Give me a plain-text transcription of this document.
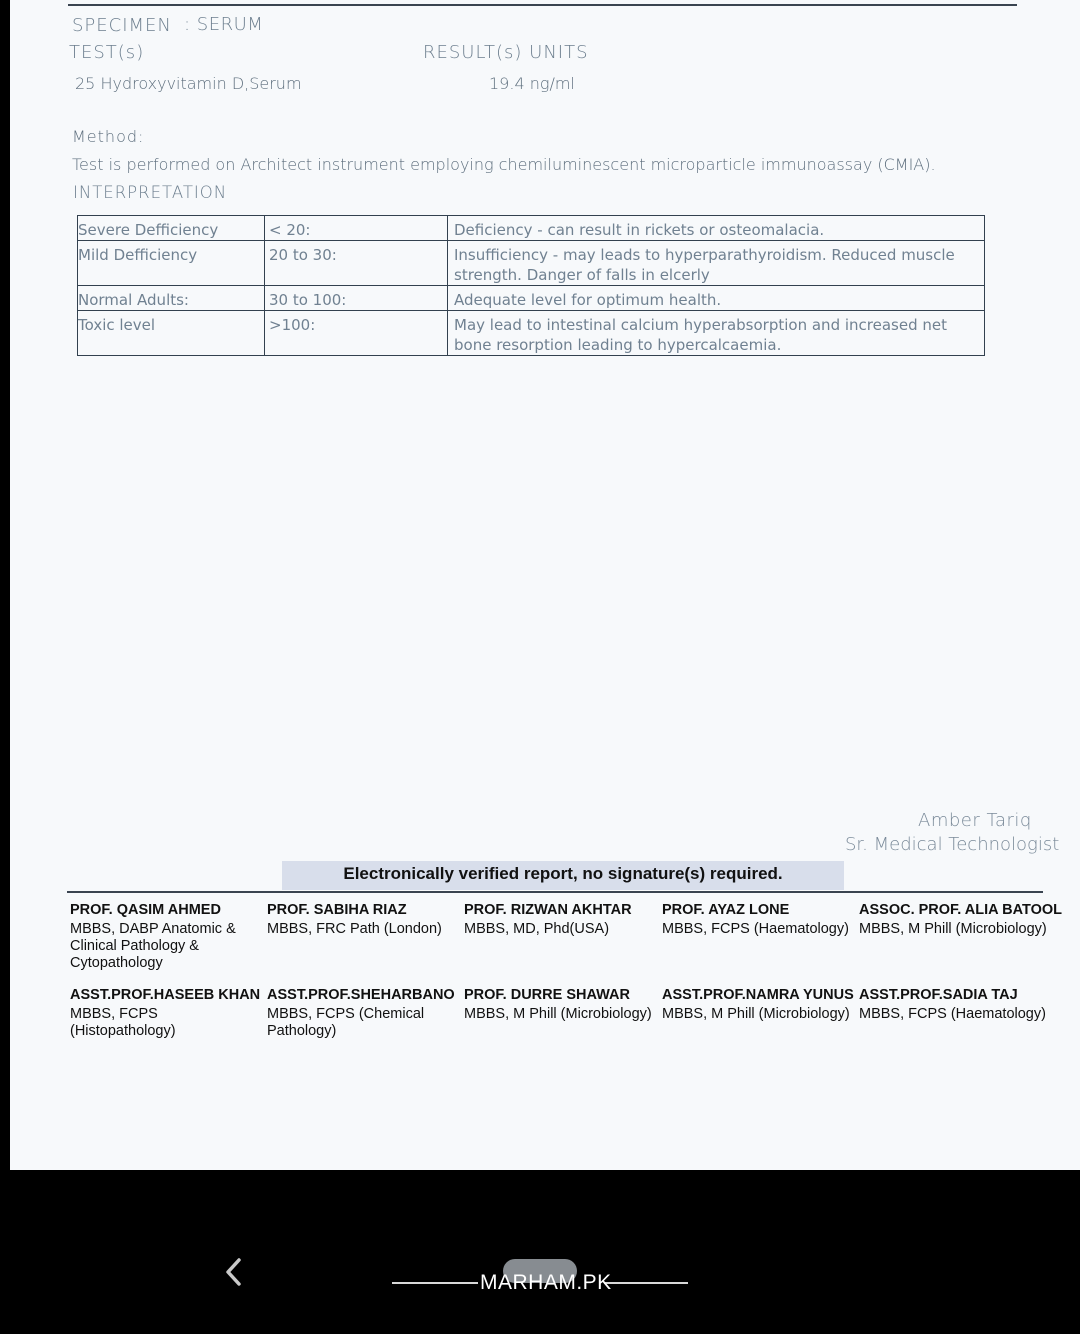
SPECIMEN : SERUM
TEST(s)	RESULT(s) UNITS
25 Hydroxyvitamin D,Serum	19.4 ng/ml
Method:
Test is performed on Architect instrument employing chemiluminescent microparticle immunoassay (CMIA).
INTERPRETATION
Severe Defficiency	< 20:	Deficiency - can result in rickets or osteomalacia.
Mild Defficiency	20 to 30:	Insufficiency - may leads to hyperparathyroidism. Reduced muscle strength. Danger of falls in elcerly
Normal Adults:	30 to 100:	Adequate level for optimum health.
Toxic level	>100:	May lead to intestinal calcium hyperabsorption and increased net bone resorption leading to hypercalcaemia.
Amber Tariq
Sr. Medical Technologist
Electronically verified report, no signature(s) required.
PROF. QASIM AHMED
MBBS, DABP Anatomic &
Clinical Pathology &
Cytopathology
PROF. SABIHA RIAZ
MBBS, FRC Path (London)
PROF. RIZWAN AKHTAR
MBBS, MD, Phd(USA)
PROF. AYAZ LONE
MBBS, FCPS (Haematology)
ASSOC. PROF. ALIA BATOOL
MBBS, M Phill (Microbiology)
ASST.PROF.HASEEB KHAN
MBBS, FCPS
(Histopathology)
ASST.PROF.SHEHARBANO
MBBS, FCPS (Chemical
Pathology)
PROF. DURRE SHAWAR
MBBS, M Phill (Microbiology)
ASST.PROF.NAMRA YUNUS
MBBS, M Phill (Microbiology)
ASST.PROF.SADIA TAJ
MBBS, FCPS (Haematology)
MARHAM.PK
